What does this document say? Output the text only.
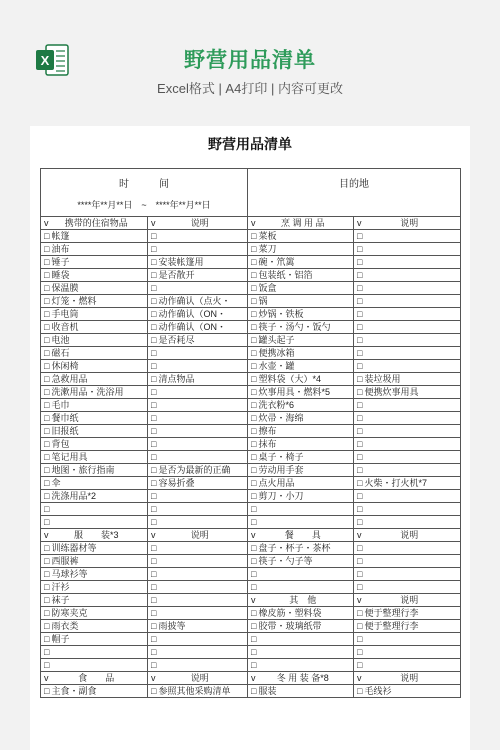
X	野营用品清单
Excel格式 | A4打印 | 内容可更改
野营用品清单
时　　　间
****年**月**日　~　****年**月**日		目的地	

v 携带的住宿物品	v 说明	v 烹 调 用 品	v 说明
□ 帐篷	□	□ 菜板	□
□ 油布	□	□ 菜刀	□
□ 锤子	□ 安装帐篷用	□ 碗・笊篱	□
□ 睡袋	□ 是否散开	□ 包装纸・铝箔	□
□ 保温膜	□	□ 饭盒	□
□ 灯笼・燃料	□ 动作确认（点火・	□ 锅	□
□ 手电筒	□ 动作确认（ON・	□ 炒锅・铁板	□
□ 收音机	□ 动作确认（ON・	□ 筷子・汤勺・饭勺	□
□ 电池	□ 是否耗尽	□ 罐头起子	□
□ 磁石	□	□ 便携冰箱	□
□ 休闲椅	□	□ 水壶・罐	□
□ 急救用品	□ 清点物品	□ 塑料袋（大）*4	□ 装垃圾用
□ 洗漱用品・洗浴用	□	□ 炊事用具・燃料*5	□ 便携炊事用具
□ 毛巾	□	□ 洗衣粉*6	□
□ 餐巾纸	□	□ 炊帚・海绵	□
□ 旧报纸	□	□ 擦布	□
□ 背包	□	□ 抹布	□
□ 笔记用具	□	□ 桌子・椅子	□
□ 地图・旅行指南	□ 是否为最新的正确	□ 劳动用手套	□
□ 伞	□ 容易折叠	□ 点火用品	□ 火柴・打火机*7
□ 洗涤用品*2	□	□ 剪刀・小刀	□
□	□	□	□
□	□	□	□

v 服　　装*3	v 说明	v 餐　　具	v 说明
□ 训练器材等	□	□ 盘子・杯子・茶杯	□
□ 西服裤	□	□ 筷子・勺子等	□
□ 马球衫等	□	□	□
□ 汗衫	□	□	□
□ 袜子	□	v 其　他	v 说明
□ 防寒夹克	□	□ 橡皮筋・塑料袋	□ 便于整理行李
□ 雨衣类	□ 雨披等	□ 胶带・玻璃纸带	□ 便于整理行李
□ 帽子	□	□	□
□	□	□	□
□	□	□	□

v 食　　品	v 说明	v 冬 用 装 备*8	v 说明
□ 主食・副食	□ 参照其他采购清单	□ 服装	□ 毛线衫
